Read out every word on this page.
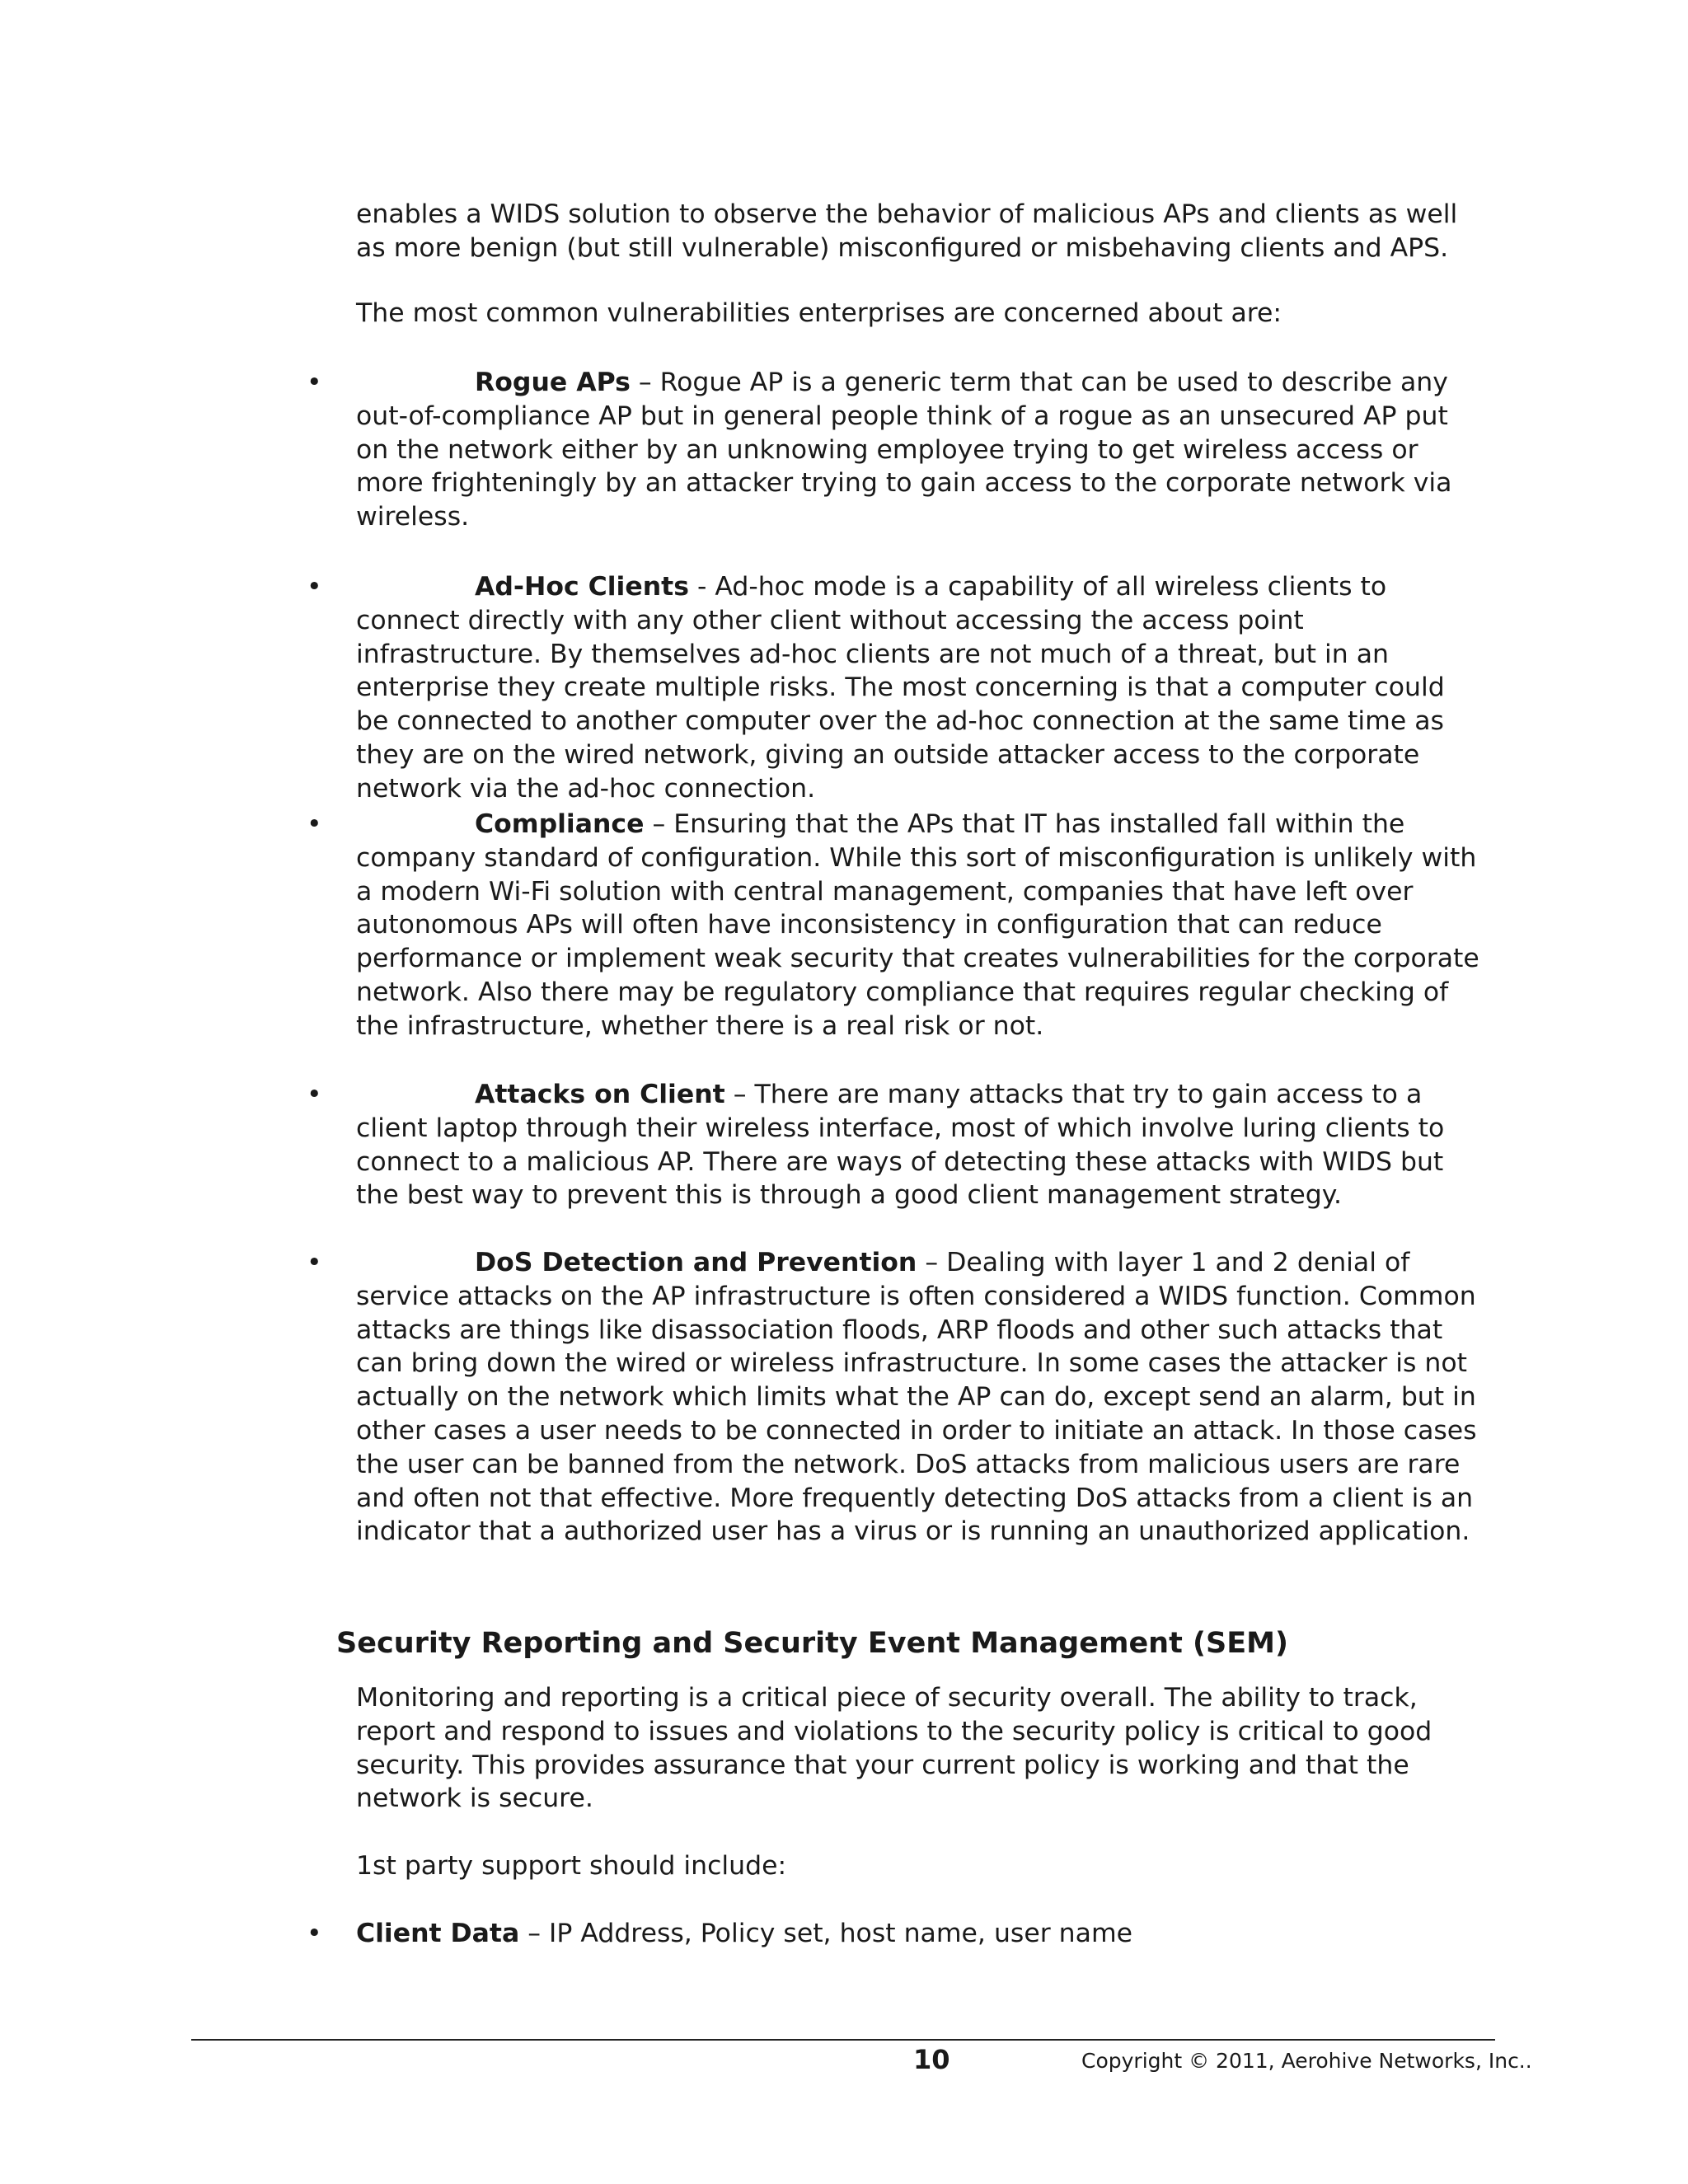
enables a WIDS solution to observe the behavior of malicious APs and clients as well as more benign (but still vulnerable) misconfigured or misbehaving clients and APS.

The most common vulnerabilities enterprises are concerned about are:

•	Rogue APs – Rogue AP is a generic term that can be used to describe any out-of-compliance AP but in general people think of a rogue as an unsecured AP put on the network either by an unknowing employee trying to get wireless access or more frighteningly by an attacker trying to gain access to the corporate network via wireless.

•	Ad-Hoc Clients - Ad-hoc mode is a capability of all wireless clients to connect directly with any other client without accessing the access point infrastructure. By themselves ad-hoc clients are not much of a threat, but in an enterprise they create multiple risks. The most concerning is that a computer could be connected to another computer over the ad-hoc connection at the same time as they are on the wired network, giving an outside attacker access to the corporate network via the ad-hoc connection.

•	Compliance – Ensuring that the APs that IT has installed fall within the company standard of configuration. While this sort of misconfiguration is unlikely with a modern Wi-Fi solution with central management, companies that have left over autonomous APs will often have inconsistency in configuration that can reduce performance or implement weak security that creates vulnerabilities for the corporate network. Also there may be regulatory compliance that requires regular checking of the infrastructure, whether there is a real risk or not.

•	Attacks on Client – There are many attacks that try to gain access to a client laptop through their wireless interface, most of which involve luring clients to connect to a malicious AP. There are ways of detecting these attacks with WIDS but the best way to prevent this is through a good client management strategy.

•	DoS Detection and Prevention – Dealing with layer 1 and 2 denial of service attacks on the AP infrastructure is often considered a WIDS function. Common attacks are things like disassociation floods, ARP floods and other such attacks that can bring down the wired or wireless infrastructure. In some cases the attacker is not actually on the network which limits what the AP can do, except send an alarm, but in other cases a user needs to be connected in order to initiate an attack. In those cases the user can be banned from the network. DoS attacks from malicious users are rare and often not that effective. More frequently detecting DoS attacks from a client is an indicator that a authorized user has a virus or is running an unauthorized application.

Security Reporting and Security Event Management (SEM)

Monitoring and reporting is a critical piece of security overall. The ability to track, report and respond to issues and violations to the security policy is critical to good security. This provides assurance that your current policy is working and that the network is secure.

1st party support should include:

• Client Data – IP Address, Policy set, host name, user name

10	Copyright © 2011, Aerohive Networks, Inc..
